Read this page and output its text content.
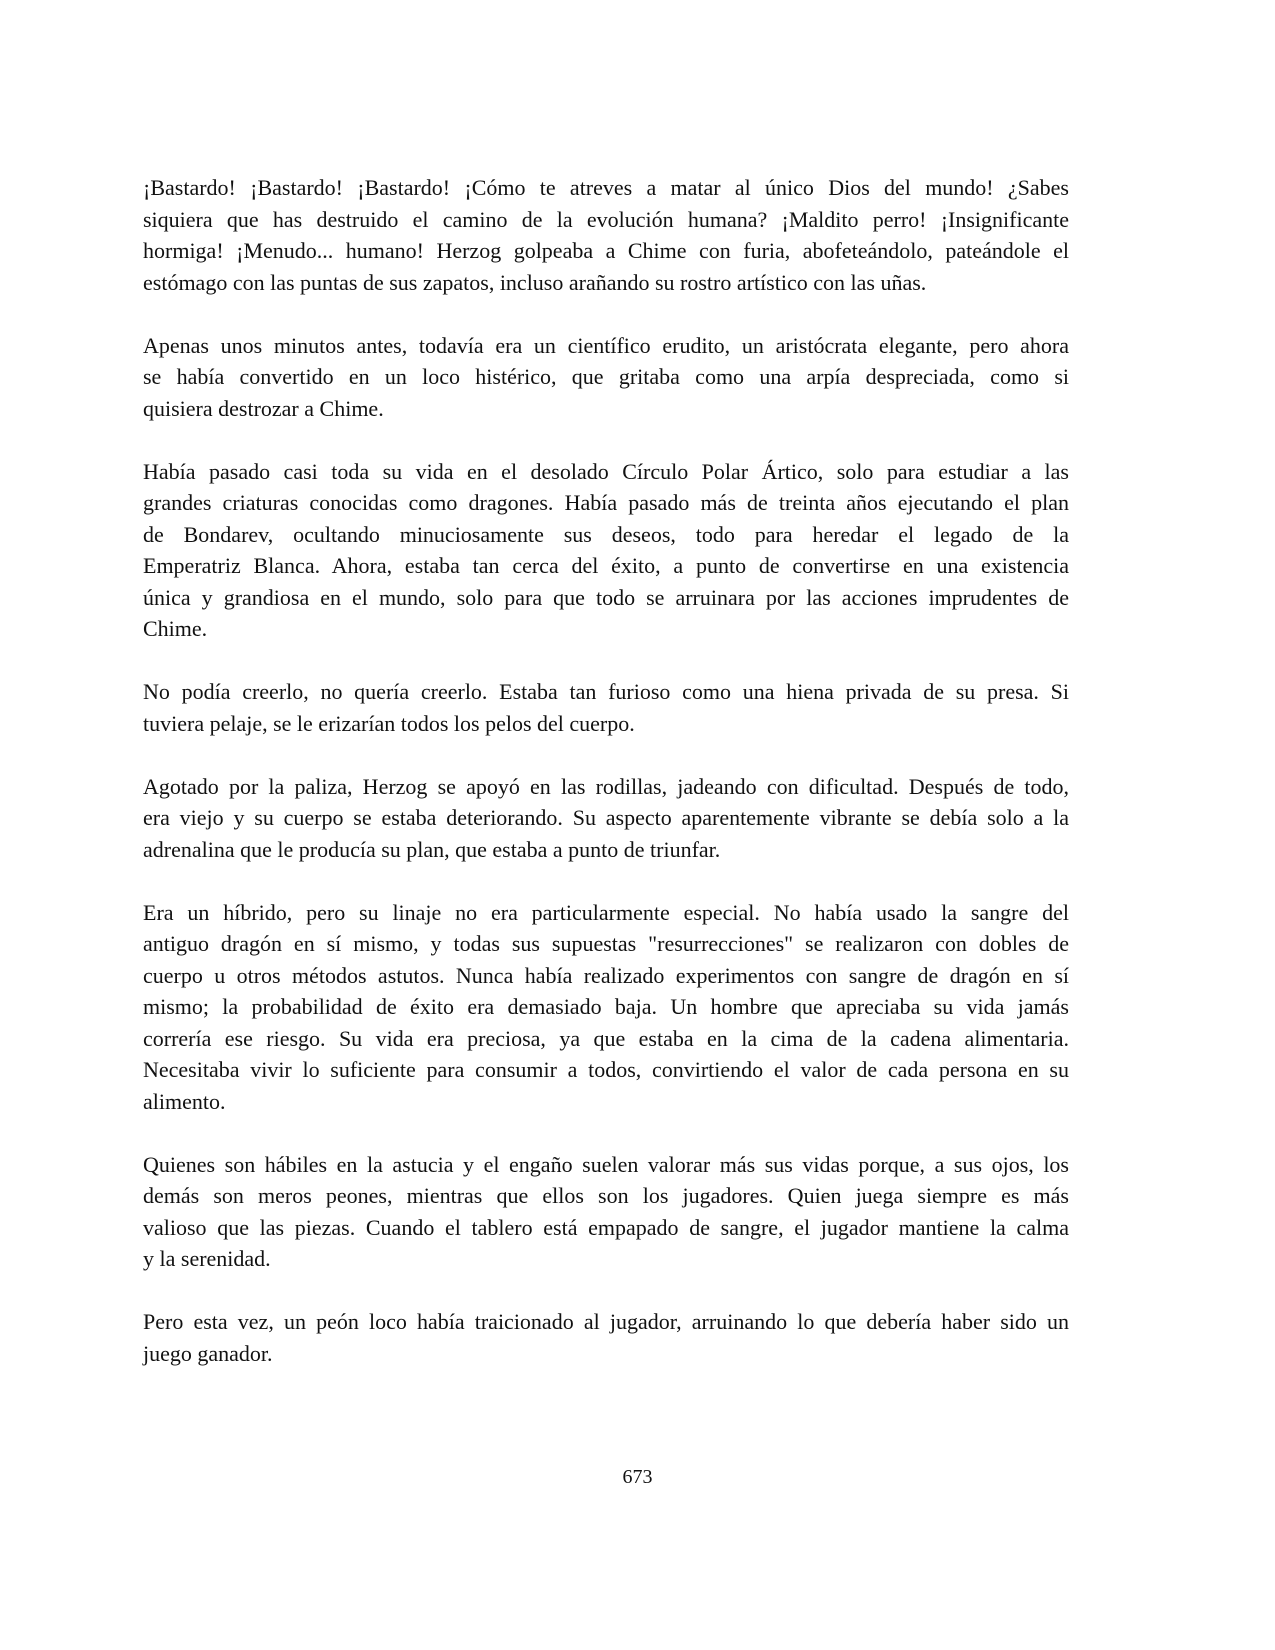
¡Bastardo! ¡Bastardo! ¡Bastardo! ¡Cómo te atreves a matar al único Dios del mundo! ¿Sabes
siquiera que has destruido el camino de la evolución humana? ¡Maldito perro! ¡Insignificante
hormiga! ¡Menudo... humano! Herzog golpeaba a Chime con furia, abofeteándolo, pateándole el
estómago con las puntas de sus zapatos, incluso arañando su rostro artístico con las uñas.
Apenas unos minutos antes, todavía era un científico erudito, un aristócrata elegante, pero ahora
se había convertido en un loco histérico, que gritaba como una arpía despreciada, como si
quisiera destrozar a Chime.
Había pasado casi toda su vida en el desolado Círculo Polar Ártico, solo para estudiar a las
grandes criaturas conocidas como dragones. Había pasado más de treinta años ejecutando el plan
de Bondarev, ocultando minuciosamente sus deseos, todo para heredar el legado de la
Emperatriz Blanca. Ahora, estaba tan cerca del éxito, a punto de convertirse en una existencia
única y grandiosa en el mundo, solo para que todo se arruinara por las acciones imprudentes de
Chime.
No podía creerlo, no quería creerlo. Estaba tan furioso como una hiena privada de su presa. Si
tuviera pelaje, se le erizarían todos los pelos del cuerpo.
Agotado por la paliza, Herzog se apoyó en las rodillas, jadeando con dificultad. Después de todo,
era viejo y su cuerpo se estaba deteriorando. Su aspecto aparentemente vibrante se debía solo a la
adrenalina que le producía su plan, que estaba a punto de triunfar.
Era un híbrido, pero su linaje no era particularmente especial. No había usado la sangre del
antiguo dragón en sí mismo, y todas sus supuestas "resurrecciones" se realizaron con dobles de
cuerpo u otros métodos astutos. Nunca había realizado experimentos con sangre de dragón en sí
mismo; la probabilidad de éxito era demasiado baja. Un hombre que apreciaba su vida jamás
correría ese riesgo. Su vida era preciosa, ya que estaba en la cima de la cadena alimentaria.
Necesitaba vivir lo suficiente para consumir a todos, convirtiendo el valor de cada persona en su
alimento.
Quienes son hábiles en la astucia y el engaño suelen valorar más sus vidas porque, a sus ojos, los
demás son meros peones, mientras que ellos son los jugadores. Quien juega siempre es más
valioso que las piezas. Cuando el tablero está empapado de sangre, el jugador mantiene la calma
y la serenidad.
Pero esta vez, un peón loco había traicionado al jugador, arruinando lo que debería haber sido un
juego ganador.
673
